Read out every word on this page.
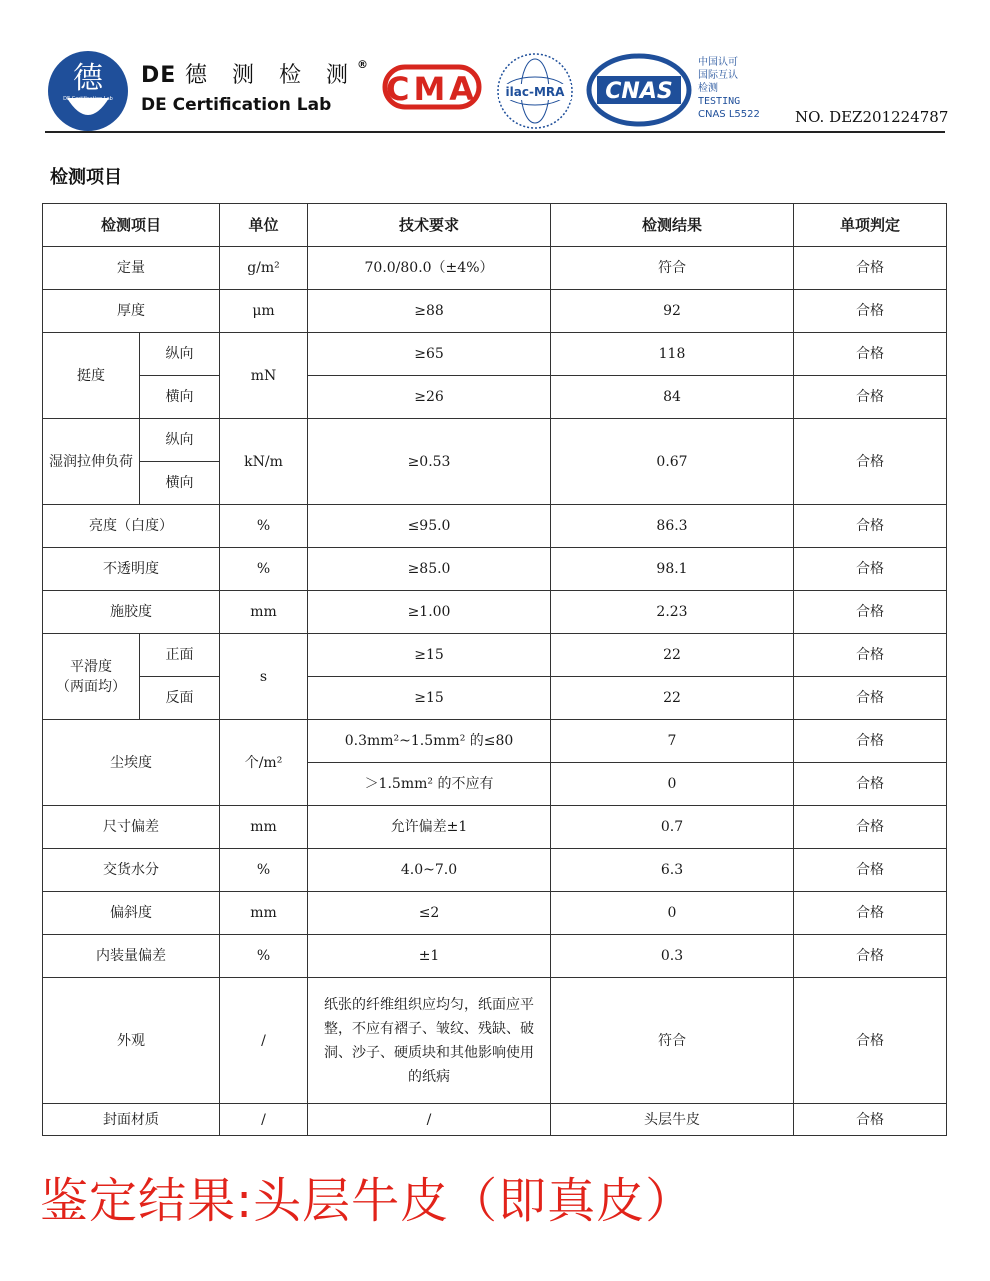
德
DE Certification Lab
DE 德 测 检 测®
DE Certification Lab CMA ilac-MRA CNAS
中国认可
国际互认
检测
TESTING
CNAS L5522 NO. DEZ201224787
检测项目
检测项目		单位	技术要求	检测结果	单项判定
定量		g/m²	70.0/80.0（±4%）	符合	合格
厚度		μm	≥88	92	合格
挺度	纵向	mN	≥65	118	合格
	横向		≥26	84	合格
湿润拉伸负荷	纵向	kN/m	≥0.53	0.67	合格
	横向				
亮度（白度）		%	≤95.0	86.3	合格
不透明度		%	≥85.0	98.1	合格
施胶度		mm	≥1.00	2.23	合格

平滑度
（两面均）	正面	s	≥15	22	合格
	反面		≥15	22	合格
尘埃度		个/m²	0.3mm²~1.5mm² 的≤80	7	合格
			＞1.5mm² 的不应有	0	合格
尺寸偏差		mm	允许偏差±1	0.7	合格
交货水分		%	4.0~7.0	6.3	合格
偏斜度		mm	≤2	0	合格
内装量偏差		%	±1	0.3	合格
外观		/	纸张的纤维组织应均匀，纸面应平整，不应有褶子、皱纹、残缺、破洞、沙子、硬质块和其他影响使用的纸病	符合	合格
封面材质		/	/	头层牛皮	合格
鉴定结果:头层牛皮（即真皮）
